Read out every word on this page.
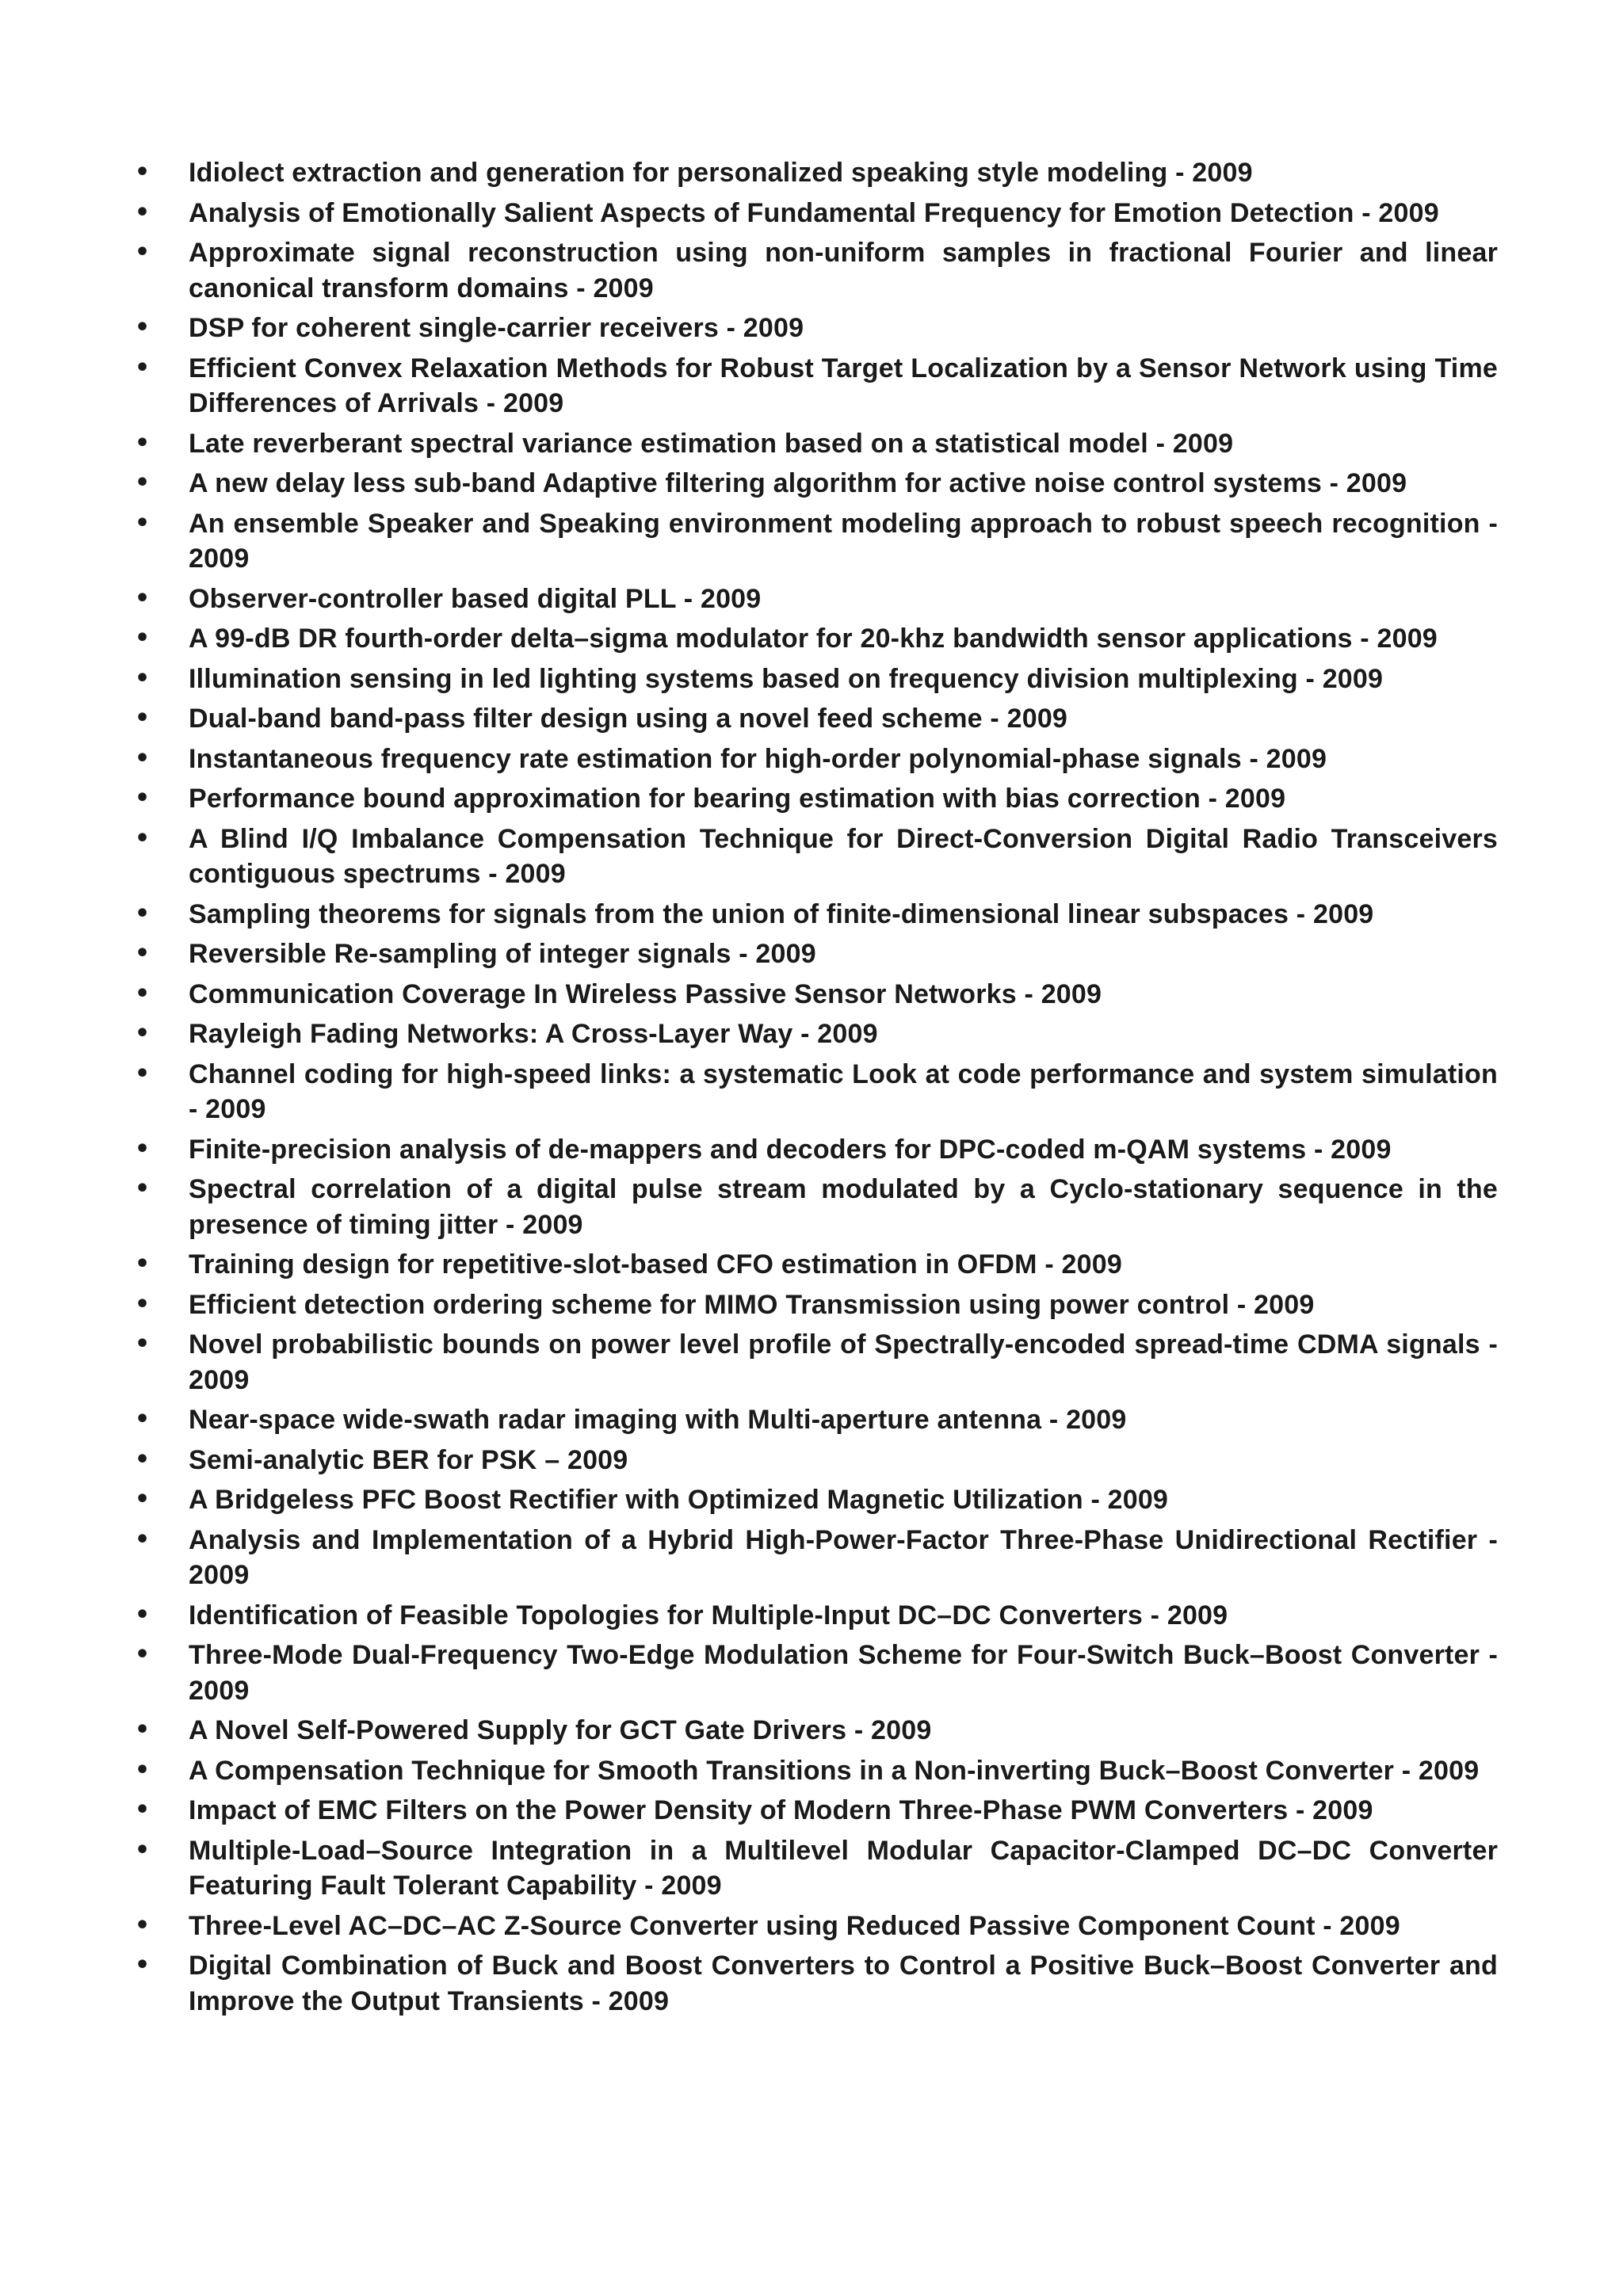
•	Idiolect extraction and generation for personalized speaking style modeling - 2009
•	Analysis of Emotionally Salient Aspects of Fundamental Frequency for Emotion Detection - 2009
•	Approximate signal reconstruction using non-uniform samples in fractional Fourier and linear canonical transform domains - 2009
•	DSP for coherent single-carrier receivers - 2009
•	Efficient Convex Relaxation Methods for Robust Target Localization by a Sensor Network using Time Differences of Arrivals - 2009
•	Late reverberant spectral variance estimation based on a statistical model - 2009
•	A new delay less sub-band Adaptive filtering algorithm for active noise control systems - 2009
•	An ensemble Speaker and Speaking environment modeling approach to robust speech recognition - 2009
•	Observer-controller based digital PLL - 2009
•	A 99-dB DR fourth-order delta–sigma modulator for 20-khz bandwidth sensor applications - 2009
•	Illumination sensing in led lighting systems based on frequency division multiplexing - 2009
•	Dual-band band-pass filter design using a novel feed scheme - 2009
•	Instantaneous frequency rate estimation for high-order polynomial-phase signals - 2009
•	Performance bound approximation for bearing estimation with bias correction - 2009
•	A Blind I/Q Imbalance Compensation Technique for Direct-Conversion Digital Radio Transceivers contiguous spectrums - 2009
•	Sampling theorems for signals from the union of finite-dimensional linear subspaces - 2009
•	Reversible Re-sampling of integer signals - 2009
•	Communication Coverage In Wireless Passive Sensor Networks - 2009
•	Rayleigh Fading Networks: A Cross-Layer Way - 2009
•	Channel coding for high-speed links: a systematic Look at code performance and system simulation - 2009
•	Finite-precision analysis of de-mappers and decoders for DPC-coded m-QAM systems - 2009
•	Spectral correlation of a digital pulse stream modulated by a Cyclo-stationary sequence in the presence of timing jitter - 2009
•	Training design for repetitive-slot-based CFO estimation in OFDM - 2009
•	Efficient detection ordering scheme for MIMO Transmission using power control - 2009
•	Novel probabilistic bounds on power level profile of Spectrally-encoded spread-time CDMA signals - 2009
•	Near-space wide-swath radar imaging with Multi-aperture antenna - 2009
•	Semi-analytic BER for PSK – 2009
•	A Bridgeless PFC Boost Rectifier with Optimized Magnetic Utilization - 2009
•	Analysis and Implementation of a Hybrid High-Power-Factor Three-Phase Unidirectional Rectifier - 2009
•	Identification of Feasible Topologies for Multiple-Input DC–DC Converters - 2009
•	Three-Mode Dual-Frequency Two-Edge Modulation Scheme for Four-Switch Buck–Boost Converter - 2009
•	A Novel Self-Powered Supply for GCT Gate Drivers - 2009
•	A Compensation Technique for Smooth Transitions in a Non-inverting Buck–Boost Converter - 2009
•	Impact of EMC Filters on the Power Density of Modern Three-Phase PWM Converters - 2009
•	Multiple-Load–Source Integration in a Multilevel Modular Capacitor-Clamped DC–DC Converter Featuring Fault Tolerant Capability - 2009
•	Three-Level AC–DC–AC Z-Source Converter using Reduced Passive Component Count - 2009
•	Digital Combination of Buck and Boost Converters to Control a Positive Buck–Boost Converter and Improve the Output Transients - 2009
